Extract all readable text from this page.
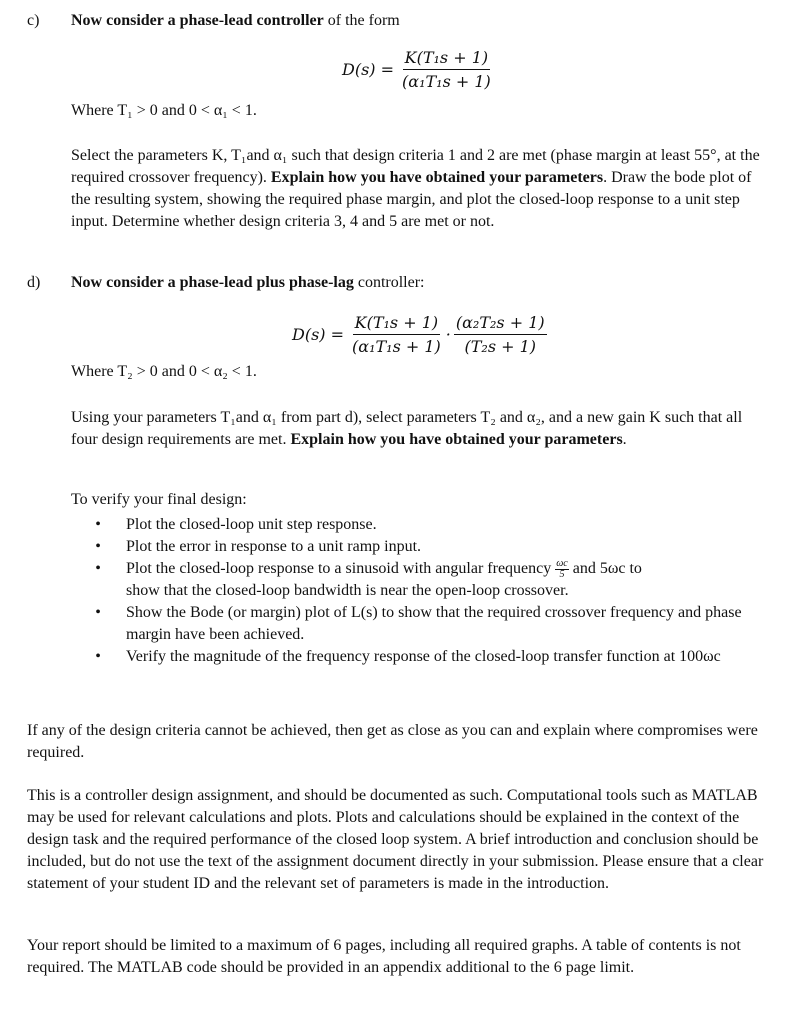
c) Now consider a phase-lead controller of the form
$D(s) = \frac{\text{K(T₁s + 1)}}{\text{(α₁T₁s + 1)}}$
Where T₁ > 0 and 0 < α₁ < 1.
Select the parameters K, T₁and α₁ such that design criteria 1 and 2 are met (phase margin at least 55°, at the required crossover frequency). Explain how you have obtained your parameters. Draw the bode plot of the resulting system, showing the required phase margin, and plot the closed-loop response to a unit step input. Determine whether design criteria 3, 4 and 5 are met or not.
d) Now consider a phase-lead plus phase-lag controller:
$D(s) = \frac{\text{K(T₁s + 1)}}{\text{(α₁T₁s + 1)}} \cdot \frac{\text{(α₂T₂s + 1)}}{\text{(T₂s + 1)}}$
Where T₂ > 0 and 0 < α₂ < 1.
Using your parameters T₁and α₁ from part d), select parameters T₂ and α₂, and a new gain K such that all four design requirements are met. Explain how you have obtained your parameters.
To verify your final design:
• Plot the closed-loop unit step response.
• Plot the error in response to a unit ramp input.
• Plot the closed-loop response to a sinusoid with angular frequency $\frac{\omega c}{5}$ and 5ωc to
show that the closed-loop bandwidth is near the open-loop crossover.
• Show the Bode (or margin) plot of L(s) to show that the required crossover frequency and phase margin have been achieved.
• Verify the magnitude of the frequency response of the closed-loop transfer function at 100ωc
If any of the design criteria cannot be achieved, then get as close as you can and explain where compromises were required.
This is a controller design assignment, and should be documented as such. Computational tools such as MATLAB may be used for relevant calculations and plots. Plots and calculations should be explained in the context of the design task and the required performance of the closed loop system. A brief introduction and conclusion should be included, but do not use the text of the assignment document directly in your submission. Please ensure that a clear statement of your student ID and the relevant set of parameters is made in the introduction.
Your report should be limited to a maximum of 6 pages, including all required graphs. A table of contents is not required. The MATLAB code should be provided in an appendix additional to the 6 page limit.
